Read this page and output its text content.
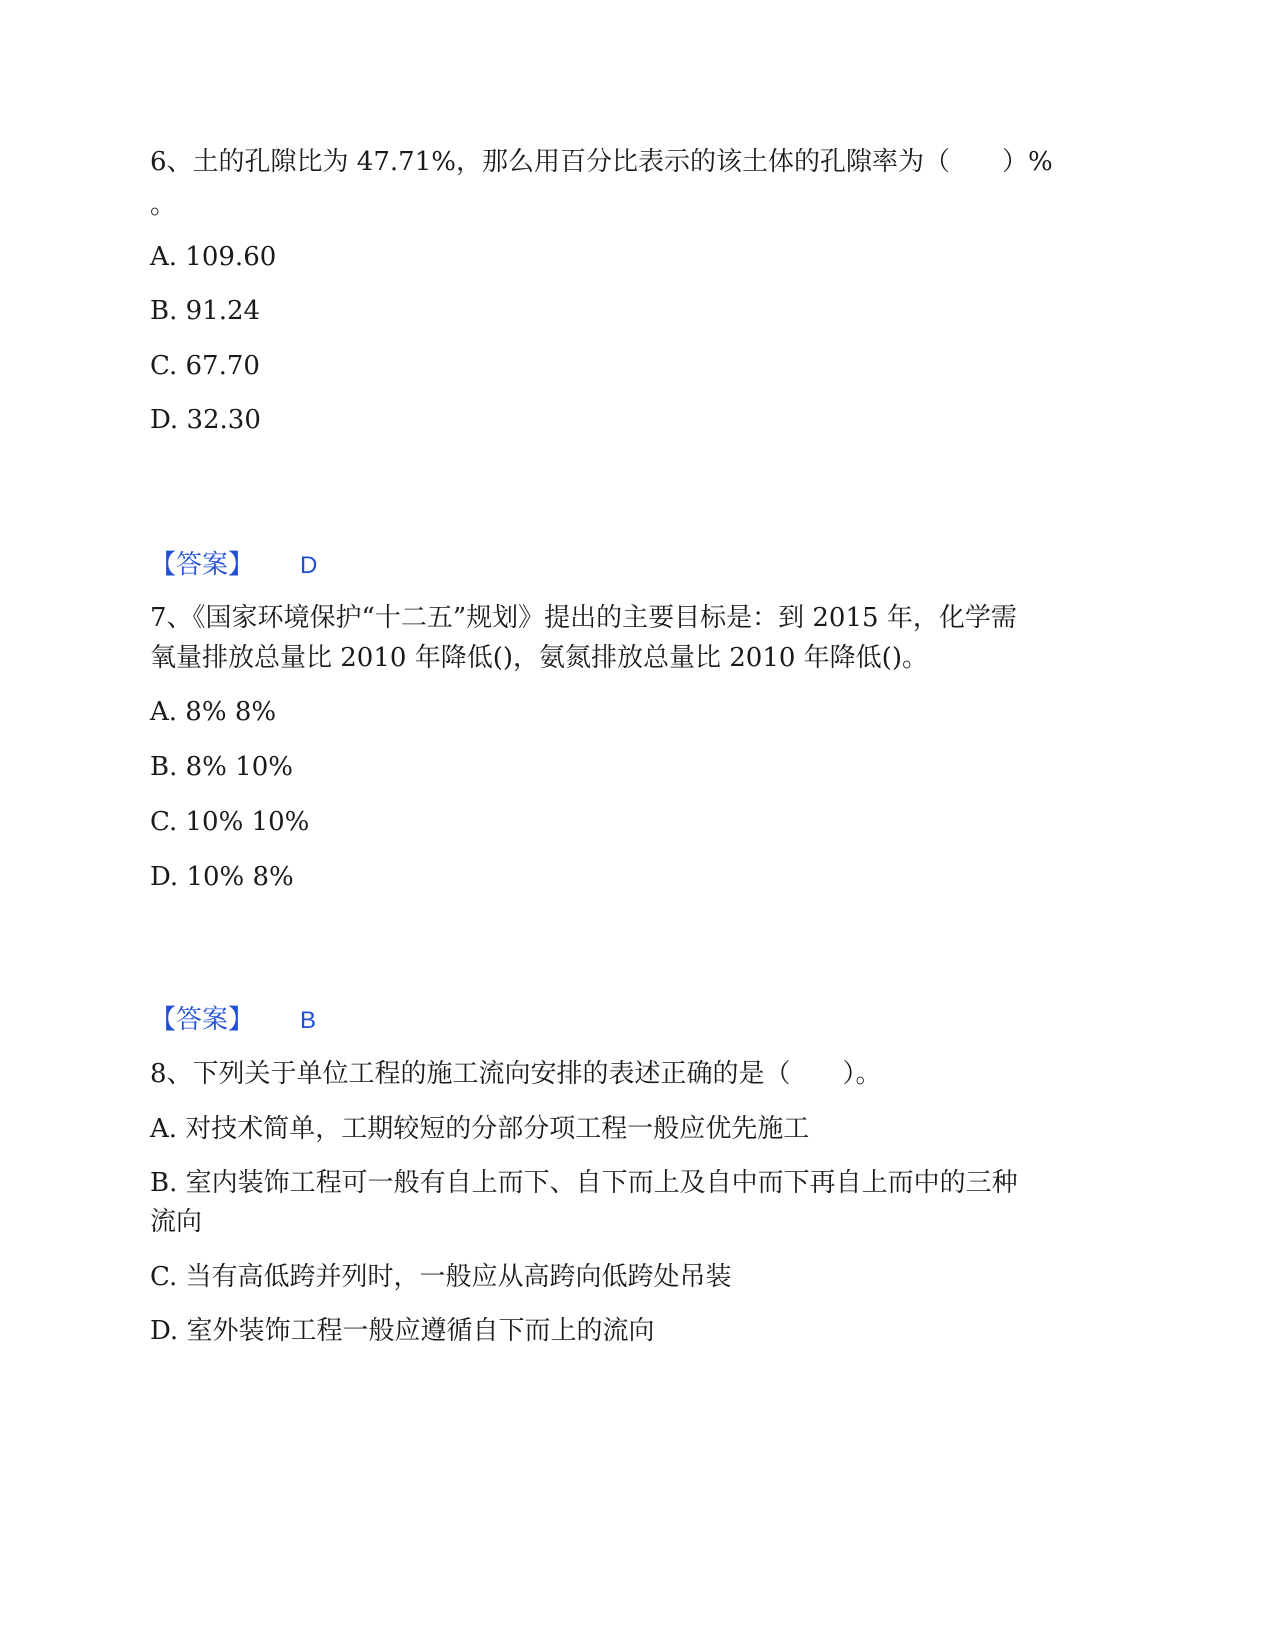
6、土的孔隙比为 47.71%，那么用百分比表示的该土体的孔隙率为（　　）%
。
A. 109.60
B. 91.24
C. 67.70
D. 32.30
【答案】 D
7、《国家环境保护“十二五”规划》提出的主要目标是：到 2015 年，化学需
氧量排放总量比 2010 年降低()，氨氮排放总量比 2010 年降低()。
A. 8% 8%
B. 8% 10%
C. 10% 10%
D. 10% 8%
【答案】 B
8、下列关于单位工程的施工流向安排的表述正确的是（　　）。
A. 对技术简单，工期较短的分部分项工程一般应优先施工
B. 室内装饰工程可一般有自上而下、自下而上及自中而下再自上而中的三种
流向
C. 当有高低跨并列时，一般应从高跨向低跨处吊装
D. 室外装饰工程一般应遵循自下而上的流向
